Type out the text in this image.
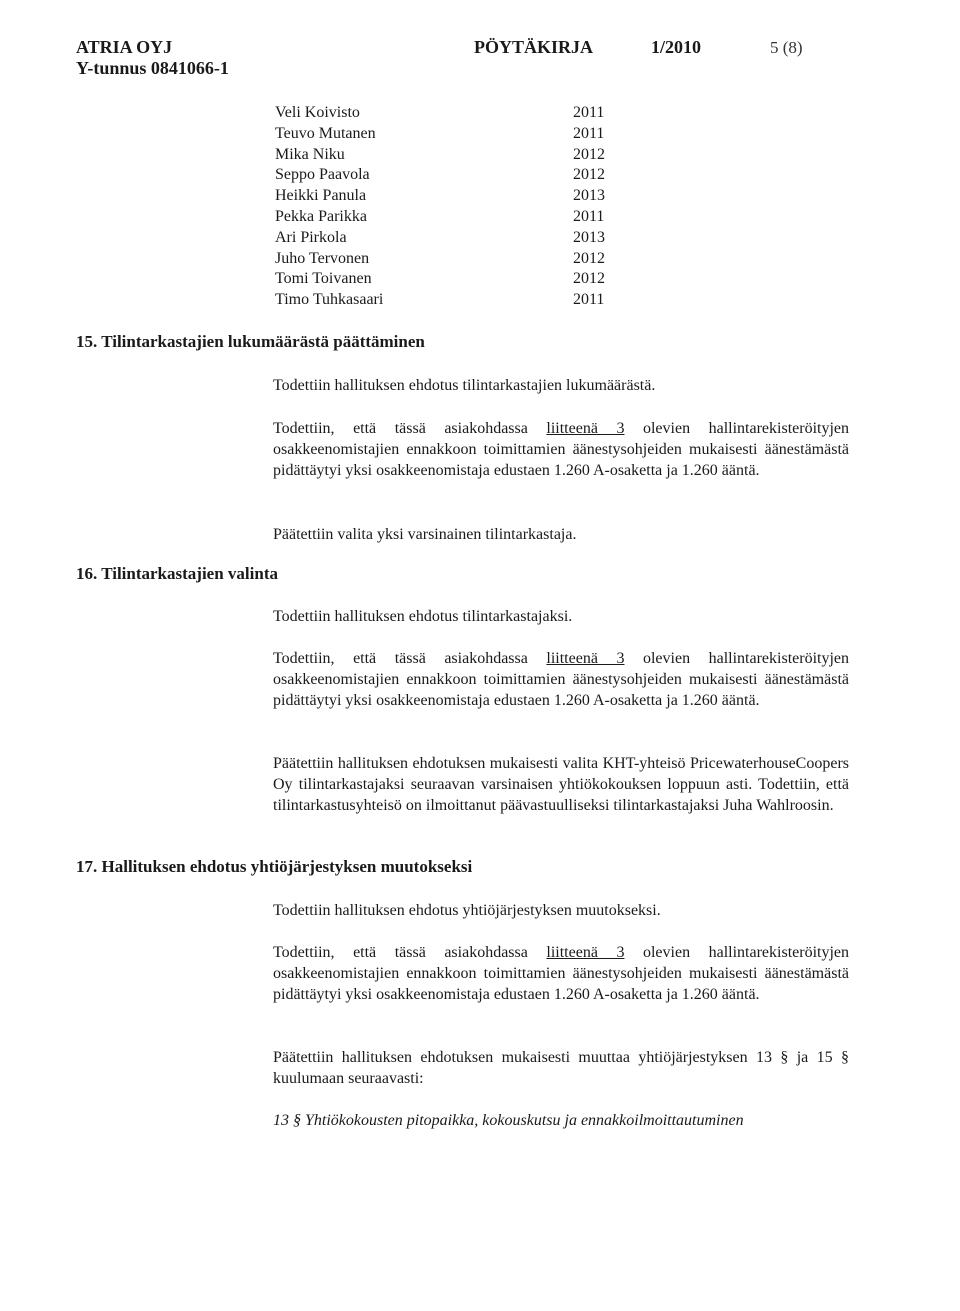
ATRIA OYJ
Y-tunnus 0841066-1
PÖYTÄKIRJA	1/2010	5 (8)
Veli Koivisto	2011
Teuvo Mutanen	2011
Mika Niku	2012
Seppo Paavola	2012
Heikki Panula	2013
Pekka Parikka	2011
Ari Pirkola	2013
Juho Tervonen	2012
Tomi Toivanen	2012
Timo Tuhkasaari	2011
15. Tilintarkastajien lukumäärästä päättäminen
Todettiin hallituksen ehdotus tilintarkastajien lukumäärästä.
Todettiin, että tässä asiakohdassa liitteenä 3 olevien hallintarekisteröityjen osakkeenomistajien ennakkoon toimittamien äänestysohjeiden mukaisesti äänestämästä pidättäytyi yksi osakkeenomistaja edustaen 1.260 A-osaketta ja 1.260 ääntä.
Päätettiin valita yksi varsinainen tilintarkastaja.
16. Tilintarkastajien valinta
Todettiin hallituksen ehdotus tilintarkastajaksi.
Todettiin, että tässä asiakohdassa liitteenä 3 olevien hallintarekisteröityjen osakkeenomistajien ennakkoon toimittamien äänestysohjeiden mukaisesti äänestämästä pidättäytyi yksi osakkeenomistaja edustaen 1.260 A-osaketta ja 1.260 ääntä.
Päätettiin hallituksen ehdotuksen mukaisesti valita KHT-yhteisö PricewaterhouseCoopers Oy tilintarkastajaksi seuraavan varsinaisen yhtiökokouksen loppuun asti. Todettiin, että tilintarkastusyhteisö on ilmoittanut päävastuulliseksi tilintarkastajaksi Juha Wahlroosin.
17. Hallituksen ehdotus yhtiöjärjestyksen muutokseksi
Todettiin hallituksen ehdotus yhtiöjärjestyksen muutokseksi.
Todettiin, että tässä asiakohdassa liitteenä 3 olevien hallintarekisteröityjen osakkeenomistajien ennakkoon toimittamien äänestysohjeiden mukaisesti äänestämästä pidättäytyi yksi osakkeenomistaja edustaen 1.260 A-osaketta ja 1.260 ääntä.
Päätettiin hallituksen ehdotuksen mukaisesti muuttaa yhtiöjärjestyksen 13 § ja 15 § kuulumaan seuraavasti:
13 § Yhtiökokousten pitopaikka, kokouskutsu ja ennakkoilmoittautuminen
